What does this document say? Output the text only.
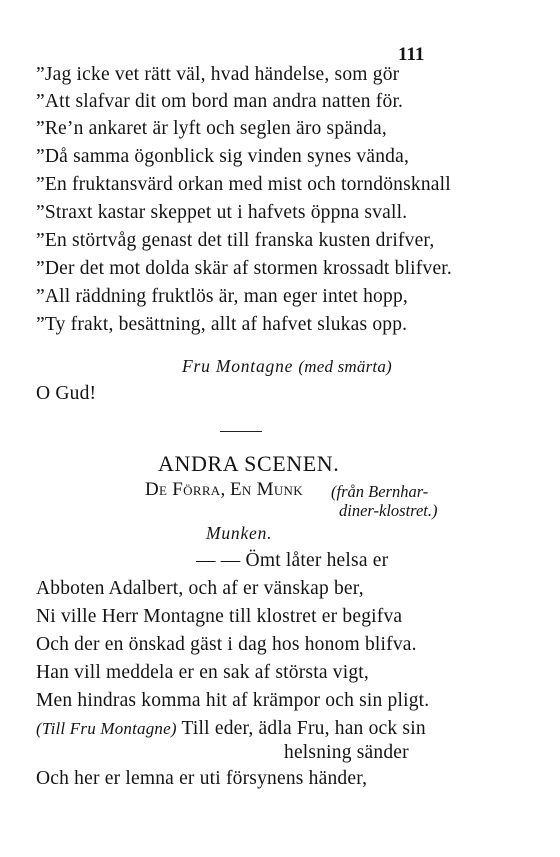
111
”Jag icke vet rätt väl, hvad händelse, som gör
”Att slafvar dit om bord man andra natten för.
”Re’n ankaret är lyft och seglen äro spända,
”Då samma ögonblick sig vinden synes vända,
”En fruktansvärd orkan med mist och torndönsknall
”Straxt kastar skeppet ut i hafvets öppna svall.
”En störtvåg genast det till franska kusten drifver,
”Der det mot dolda skär af stormen krossadt blifver.
”All räddning fruktlös är, man eger intet hopp,
”Ty frakt, besättning, allt af hafvet slukas opp.
Fru Montagne (med smärta)
O Gud!
ANDRA SCENEN.
De Förra, En Munk (från Bernhar-
diner-klostret.)
Munken.
— — Ömt låter helsa er
Abboten Adalbert, och af er vänskap ber,
Ni ville Herr Montagne till klostret er begifva
Och der en önskad gäst i dag hos honom blifva.
Han vill meddela er en sak af största vigt,
Men hindras komma hit af krämpor och sin pligt.
(Till Fru Montagne) Till eder, ädla Fru, han ock sin
helsning sänder
Och her er lemna er uti försynens händer,
